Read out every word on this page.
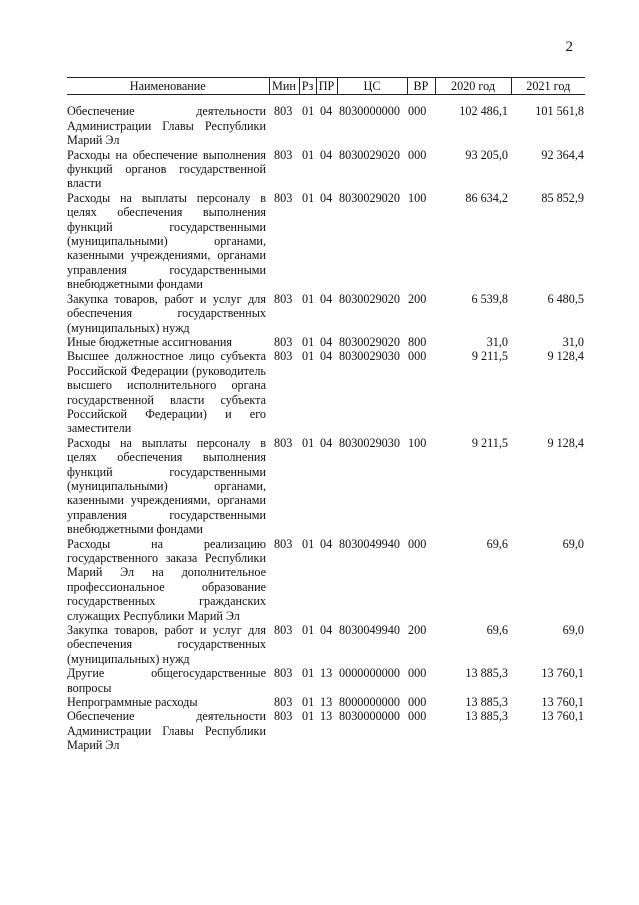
2
Наименование	Мин	Рз	ПР	ЦС	ВР	2020 год	2021 год
Обеспечение деятельности Администрации Главы Республики Марий Эл	803	01	04	8030000000	000	102 486,1	101 561,8
Расходы на обеспечение выполнения функций органов государственной власти	803	01	04	8030029020	000	93 205,0	92 364,4
Расходы на выплаты персоналу в целях обеспечения выполнения функций государственными (муниципальными) органами, казенными учреждениями, органами управления государственными внебюджетными фондами	803	01	04	8030029020	100	86 634,2	85 852,9
Закупка товаров, работ и услуг для обеспечения государственных (муниципальных) нужд	803	01	04	8030029020	200	6 539,8	6 480,5
Иные бюджетные ассигнования	803	01	04	8030029020	800	31,0	31,0
Высшее должностное лицо субъекта Российской Федерации (руководитель высшего исполнительного органа государственной власти субъекта Российской Федерации) и его заместители	803	01	04	8030029030	000	9 211,5	9 128,4
Расходы на выплаты персоналу в целях обеспечения выполнения функций государственными (муниципальными) органами, казенными учреждениями, органами управления государственными внебюджетными фондами	803	01	04	8030029030	100	9 211,5	9 128,4
Расходы на реализацию государственного заказа Республики Марий Эл на дополнительное профессиональное образование государственных гражданских служащих Республики Марий Эл	803	01	04	8030049940	000	69,6	69,0
Закупка товаров, работ и услуг для обеспечения государственных (муниципальных) нужд	803	01	04	8030049940	200	69,6	69,0
Другие общегосударственные вопросы	803	01	13	0000000000	000	13 885,3	13 760,1
Непрограммные расходы	803	01	13	8000000000	000	13 885,3	13 760,1
Обеспечение деятельности Администрации Главы Республики Марий Эл	803	01	13	8030000000	000	13 885,3	13 760,1
